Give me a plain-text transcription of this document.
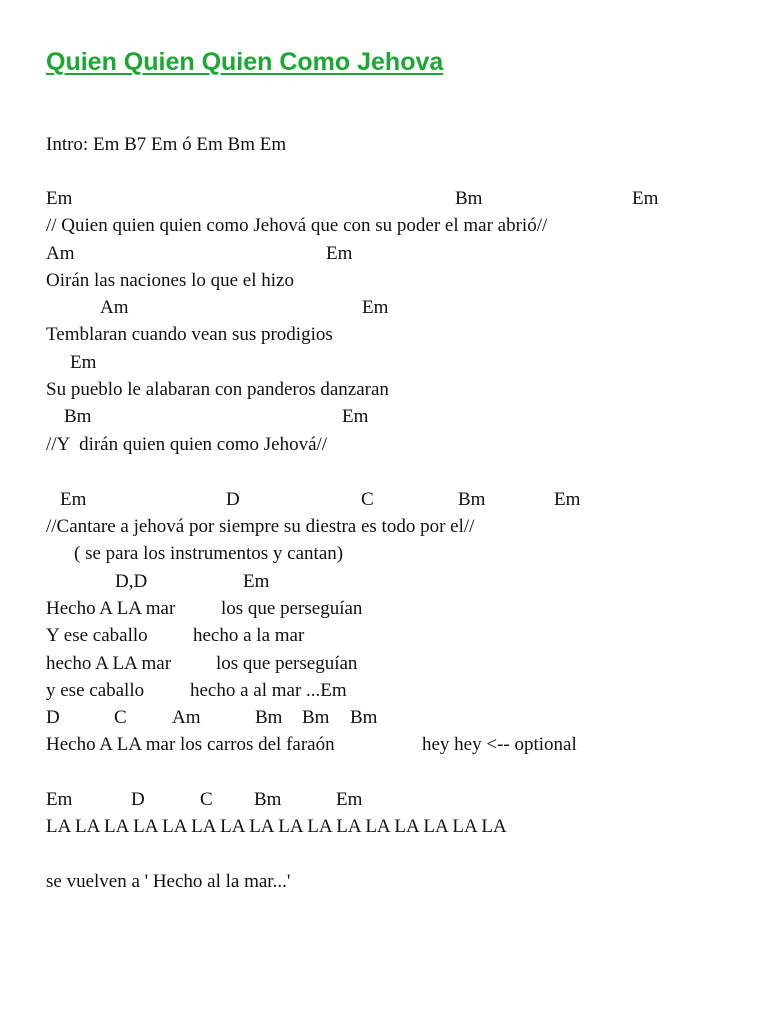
Quien Quien Quien Como Jehova
Intro: Em B7 Em ó Em Bm Em
Em	Bm	Em
// Quien quien quien como Jehová que con su poder el mar abrió//
Am	Em
Oirán las naciones lo que el hizo
Am	Em
Temblaran cuando vean sus prodigios
Em
Su pueblo le alabaran con panderos danzaran
Bm	Em
//Y  dirán quien quien como Jehová//
Em	D	C	Bm	Em
//Cantare a jehová por siempre su diestra es todo por el//
( se para los instrumentos y cantan)
D,D	Em
Hecho A LA mar los que perseguían
Y ese caballo hecho a la mar
hecho A LA mar los que perseguían
y ese caballo hecho a al mar ...Em
D	C Am	Bm Bm Bm
Hecho A LA mar los carros del faraón	hey hey <-- optional
Em	D	C Bm	Em
LA LA LA LA LA LA LA LA LA LA LA LA LA LA LA LA
se vuelven a ' Hecho al la mar...'
